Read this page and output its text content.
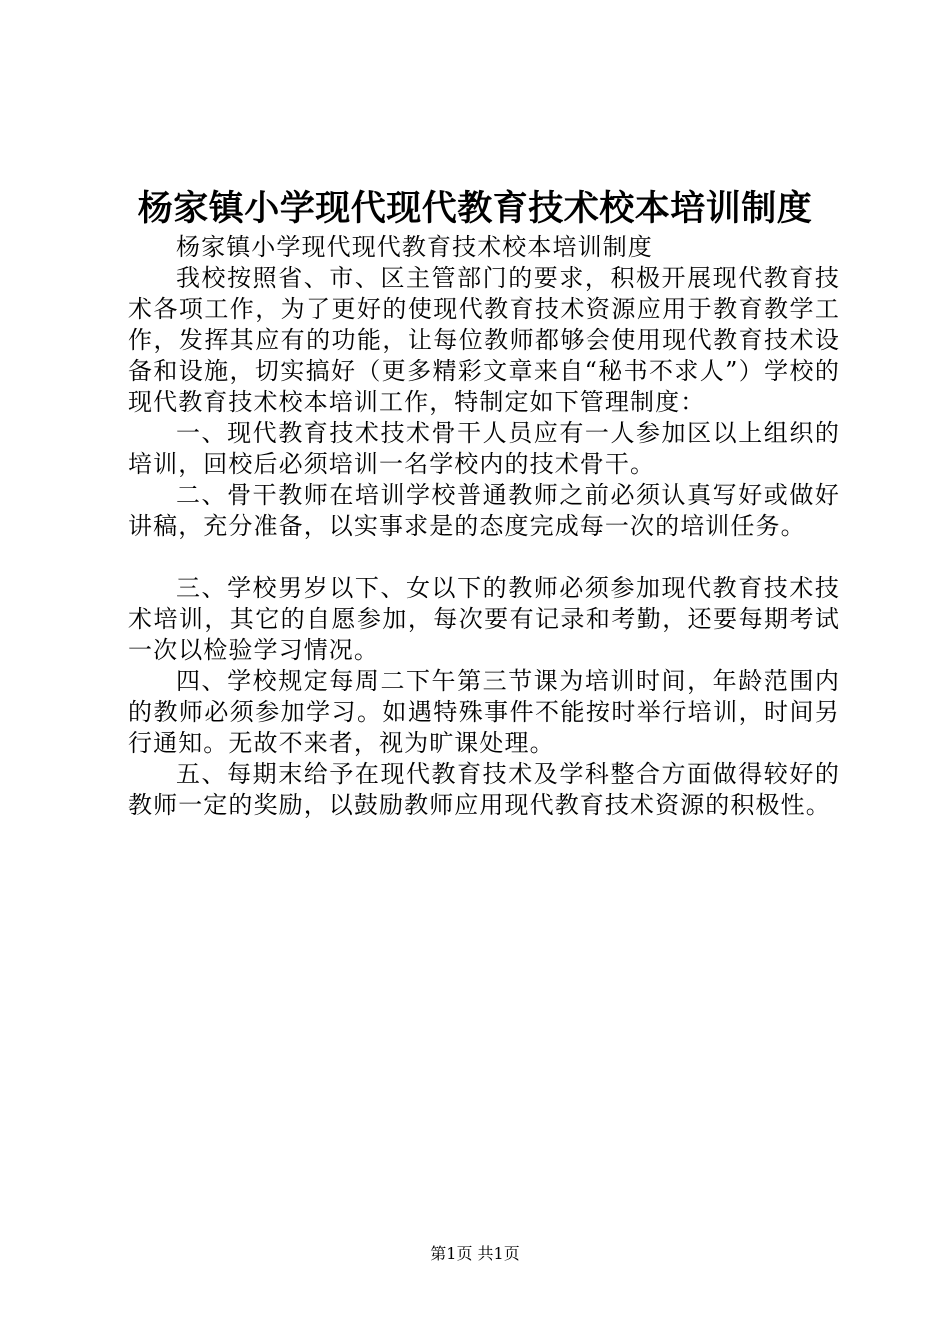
杨家镇小学现代现代教育技术校本培训制度

杨家镇小学现代现代教育技术校本培训制度

我校按照省、市、区主管部门的要求，积极开展现代教育技术各项工作，为了更好的使现代教育技术资源应用于教育教学工作，发挥其应有的功能，让每位教师都够会使用现代教育技术设备和设施，切实搞好（更多精彩文章来自“秘书不求人”）学校的现代教育技术校本培训工作，特制定如下管理制度：

一、现代教育技术技术骨干人员应有一人参加区以上组织的培训，回校后必须培训一名学校内的技术骨干。

二、骨干教师在培训学校普通教师之前必须认真写好或做好讲稿，充分准备，以实事求是的态度完成每一次的培训任务。

三、学校男岁以下、女以下的教师必须参加现代教育技术技术培训，其它的自愿参加，每次要有记录和考勤，还要每期考试一次以检验学习情况。

四、学校规定每周二下午第三节课为培训时间，年龄范围内的教师必须参加学习。如遇特殊事件不能按时举行培训，时间另行通知。无故不来者，视为旷课处理。

五、每期末给予在现代教育技术及学科整合方面做得较好的教师一定的奖励，以鼓励教师应用现代教育技术资源的积极性。

第1页 共1页
